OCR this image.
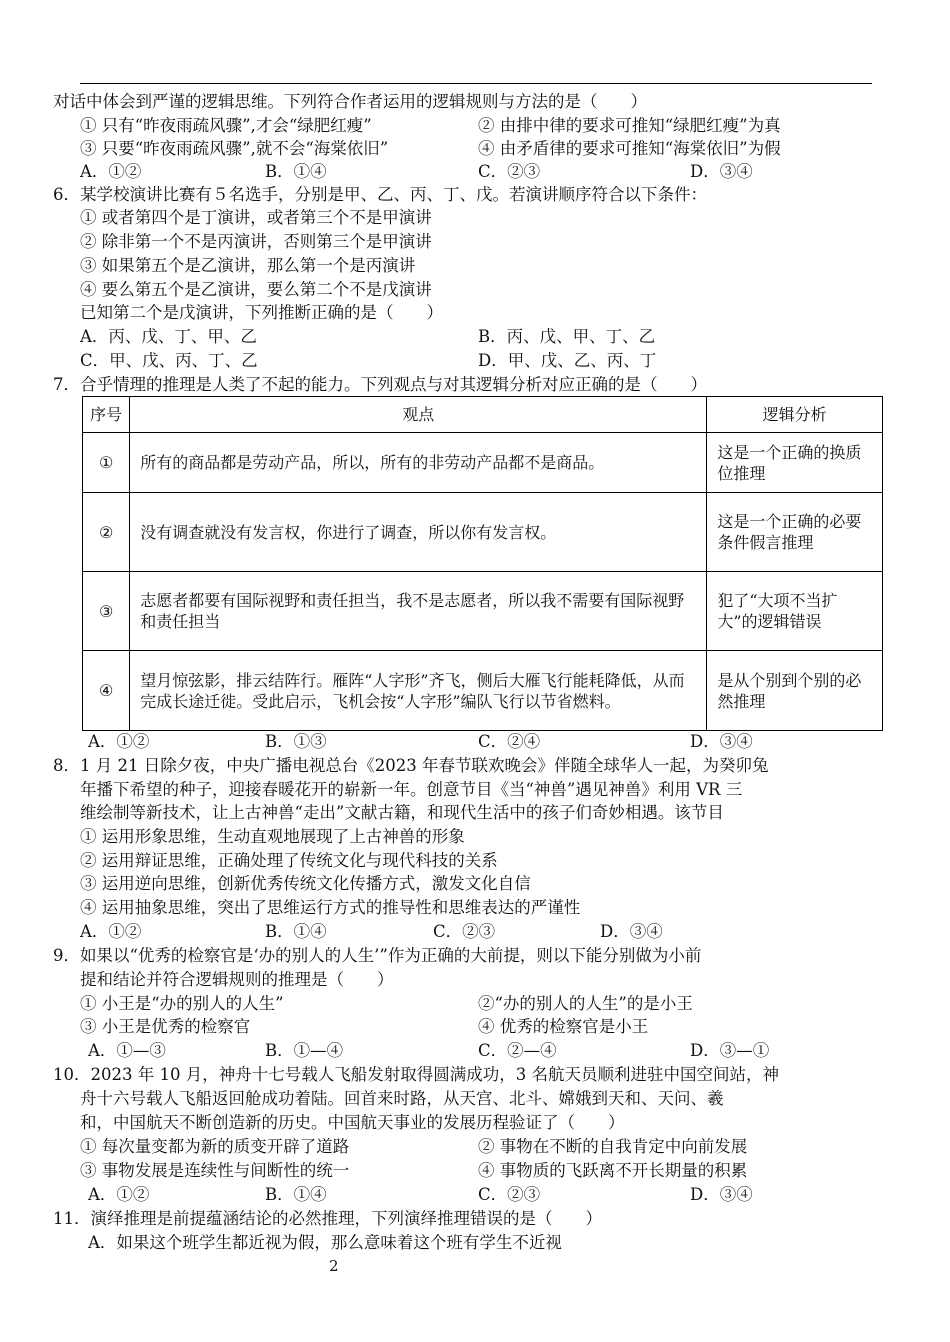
对话中体会到严谨的逻辑思维。下列符合作者运用的逻辑规则与方法的是（　　）
① 只有“昨夜雨疏风骤”,才会“绿肥红瘦”	② 由排中律的要求可推知“绿肥红瘦”为真
③ 只要“昨夜雨疏风骤”,就不会“海棠依旧”	④ 由矛盾律的要求可推知“海棠依旧”为假
A．①②	B．①④	C．②③	D．③④
6．某学校演讲比赛有５名选手，分别是甲、乙、丙、丁、戊。若演讲顺序符合以下条件：
① 或者第四个是丁演讲，或者第三个不是甲演讲
② 除非第一个不是丙演讲，否则第三个是甲演讲
③ 如果第五个是乙演讲，那么第一个是丙演讲
④ 要么第五个是乙演讲，要么第二个不是戊演讲
已知第二个是戊演讲，下列推断正确的是（　　）
A．丙、戊、丁、甲、乙	B．丙、戊、甲、丁、乙
C．甲、戊、丙、丁、乙	D．甲、戊、乙、丙、丁
7．合乎情理的推理是人类了不起的能力。下列观点与对其逻辑分析对应正确的是（　　）
序号	观点	逻辑分析
①	所有的商品都是劳动产品，所以，所有的非劳动产品都不是商品。	这是一个正确的换质位推理
②	没有调查就没有发言权，你进行了调查，所以你有发言权。	这是一个正确的必要条件假言推理
③	志愿者都要有国际视野和责任担当，我不是志愿者，所以我不需要有国际视野和责任担当	犯了“大项不当扩大”的逻辑错误
④	望月惊弦影，排云结阵行。雁阵“人字形”齐飞，侧后大雁飞行能耗降低，从而完成长途迁徙。受此启示，飞机会按“人字形”编队飞行以节省燃料。	是从个别到个别的必然推理
A．①②	B．①③	C．②④	D．③④
8．1 月 21 日除夕夜，中央广播电视总台《2023 年春节联欢晚会》伴随全球华人一起，为癸卯兔
年播下希望的种子，迎接春暖花开的崭新一年。创意节目《当“神兽”遇见神兽》利用 VR 三
维绘制等新技术，让上古神兽“走出”文献古籍，和现代生活中的孩子们奇妙相遇。该节目
① 运用形象思维，生动直观地展现了上古神兽的形象
② 运用辩证思维，正确处理了传统文化与现代科技的关系
③ 运用逆向思维，创新优秀传统文化传播方式，激发文化自信
④ 运用抽象思维，突出了思维运行方式的推导性和思维表达的严谨性
A．①②	B．①④	C．②③	D．③④
9．如果以“优秀的检察官是‘办的别人的人生’”作为正确的大前提，则以下能分别做为小前
提和结论并符合逻辑规则的推理是（　　）
① 小王是“办的别人的人生”	②“办的别人的人生”的是小王
③ 小王是优秀的检察官	④ 优秀的检察官是小王
A．①—③	B．①—④	C．②—④	D．③—①
10．2023 年 10 月，神舟十七号载人飞船发射取得圆满成功，3 名航天员顺利进驻中国空间站，神
舟十六号载人飞船返回舱成功着陆。回首来时路，从天宫、北斗、嫦娥到天和、天问、羲
和，中国航天不断创造新的历史。中国航天事业的发展历程验证了（　　）
① 每次量变都为新的质变开辟了道路	② 事物在不断的自我肯定中向前发展
③ 事物发展是连续性与间断性的统一	④ 事物质的飞跃离不开长期量的积累
A．①②	B．①④	C．②③	D．③④
11．演绎推理是前提蕴涵结论的必然推理，下列演绎推理错误的是（　　）
A．如果这个班学生都近视为假，那么意味着这个班有学生不近视
2
